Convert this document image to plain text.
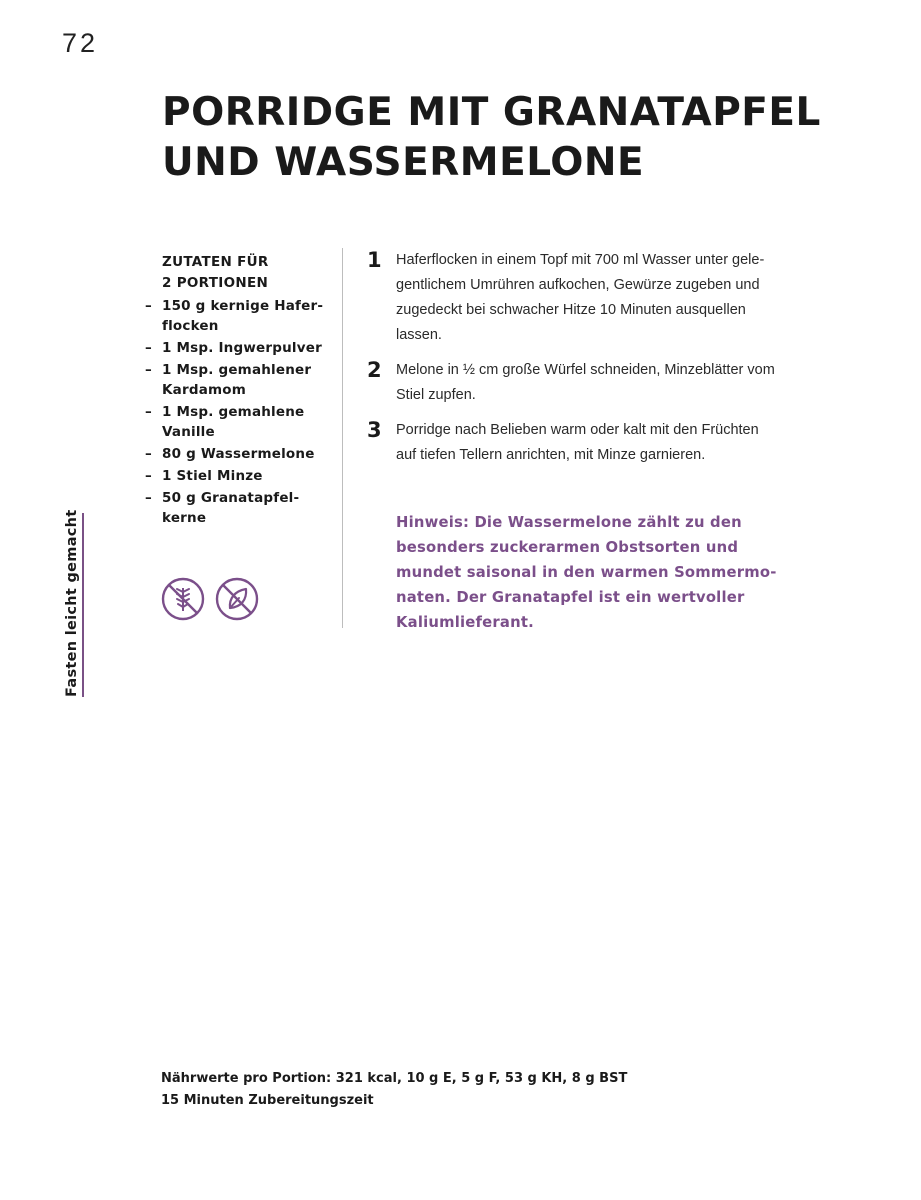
72
PORRIDGE MIT GRANATAPFEL
UND WASSERMELONE
ZUTATEN FÜR
2 PORTIONEN
– 150 g kernige Hafer-
flocken
– 1 Msp. Ingwerpulver
– 1 Msp. gemahlener
Kardamom
– 1 Msp. gemahlene
Vanille
– 80 g Wassermelone
– 1 Stiel Minze
– 50 g Granatapfel-
kerne
Fasten leicht gemacht
1 Haferflocken in einem Topf mit 700 ml Wasser unter gele-
gentlichem Umrühren aufkochen, Gewürze zugeben und
zugedeckt bei schwacher Hitze 10 Minuten ausquellen
lassen.
2 Melone in ½ cm große Würfel schneiden, Minzeblätter vom
Stiel zupfen.
3 Porridge nach Belieben warm oder kalt mit den Früchten
auf tiefen Tellern anrichten, mit Minze garnieren.
Hinweis: Die Wassermelone zählt zu den
besonders zuckerarmen Obstsorten und
mundet saisonal in den warmen Sommermo-
naten. Der Granatapfel ist ein wertvoller
Kaliumlieferant.
Nährwerte pro Portion: 321 kcal, 10 g E, 5 g F, 53 g KH, 8 g BST
15 Minuten Zubereitungszeit
